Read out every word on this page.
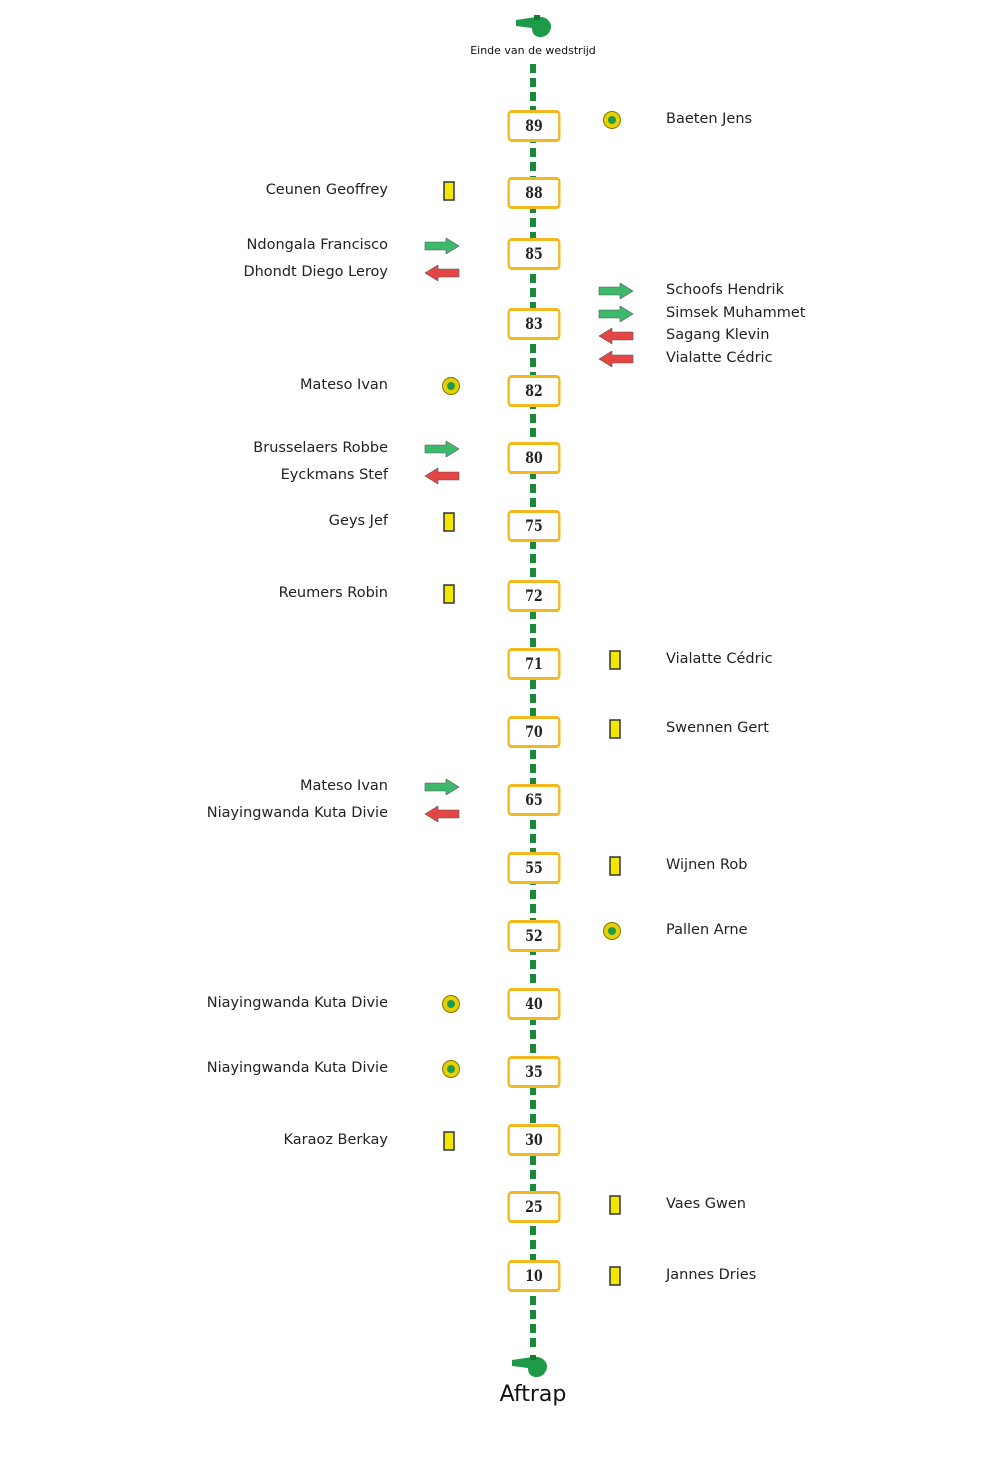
Einde van de wedstrijd
Aftrap
89
88
85
83
82
80
75
72
71
70
65
55
52
40
35
30
25
10
Baeten Jens
Ceunen Geoffrey
Ndongala Francisco
Dhondt Diego Leroy
Schoofs Hendrik
Simsek Muhammet
Sagang Klevin
Vialatte Cédric
Mateso Ivan
Brusselaers Robbe
Eyckmans Stef
Geys Jef
Reumers Robin
Vialatte Cédric
Swennen Gert
Mateso Ivan
Niayingwanda Kuta Divie
Wijnen Rob
Pallen Arne
Niayingwanda Kuta Divie
Niayingwanda Kuta Divie
Karaoz Berkay
Vaes Gwen
Jannes Dries
